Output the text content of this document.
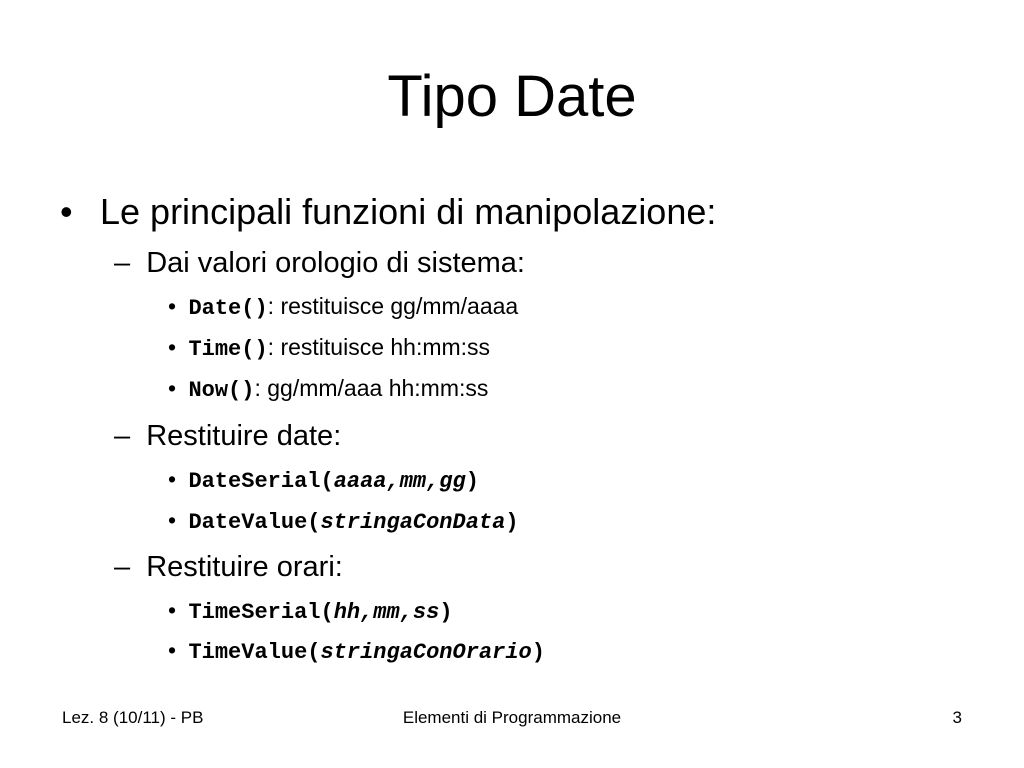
Tipo Date
• Le principali funzioni di manipolazione:
– Dai valori orologio di sistema:
• Date(): restituisce gg/mm/aaaa
• Time(): restituisce hh:mm:ss
• Now(): gg/mm/aaa hh:mm:ss
– Restituire date:
• DateSerial(aaaa,mm,gg)
• DateValue(stringaConData)
– Restituire orari:
• TimeSerial(hh,mm,ss)
• TimeValue(stringaConOrario)
Lez. 8 (10/11) - PB	Elementi di Programmazione	3
